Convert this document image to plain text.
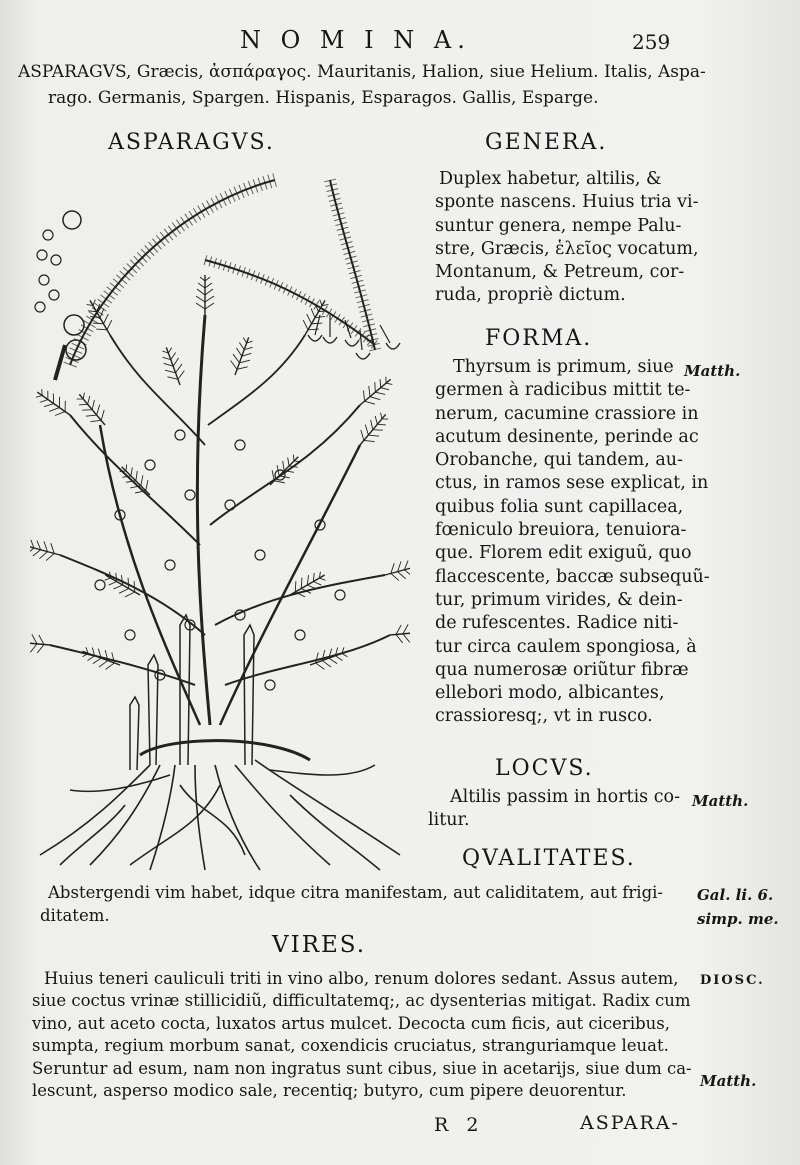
N O M I N A.	259
ASPARAGVS, Græcis, ἀσπάραγος. Mauritanis, Halion, siue Helium. Italis, Aspa-
rago. Germanis, Spargen. Hispanis, Esparagos. Gallis, Esparge.
ASPARAGVS.	GENERA.
Duplex habetur, altilis, &
sponte nascens. Huius tria vi-
suntur genera, nempe Palu-
stre, Græcis, ἑλεῖος vocatum,
Montanum, & Petreum, cor-
ruda, propriè dictum.
FORMA.
Matth.
Thyrsum is primum, siue
germen à radicibus mittit te-
nerum, cacumine crassiore in
acutum desinente, perinde ac
Orobanche, qui tandem, au-
ctus, in ramos sese explicat, in
quibus folia sunt capillacea,
fœniculo breuiora, tenuiora-
que. Florem edit exiguũ, quo
flaccescente, baccæ subsequũ-
tur, primum virides, & dein-
de rufescentes. Radice niti-
tur circa caulem spongiosa, à
qua numerosæ oriũtur fibræ
ellebori modo, albicantes,
crassioresq;, vt in rusco.
LOCVS.
Matth.
Altilis passim in hortis co-
litur.
QVALITATES.
Gal. li. 6.
simp. me.
Abstergendi vim habet, idque citra manifestam, aut caliditatem, aut frigi-
ditatem.
VIRES.
DIOSC.
Matth.
Huius teneri cauliculi triti in vino albo, renum dolores sedant. Assus autem,
siue coctus vrinæ stillicidiũ, difficultatemq;, ac dysenterias mitigat. Radix cum
vino, aut aceto cocta, luxatos artus mulcet. Decocta cum ficis, aut ciceribus,
sumpta, regium morbum sanat, coxendicis cruciatus, stranguriamque leuat.
Seruntur ad esum, nam non ingratus sunt cibus, siue in acetarijs, siue dum ca-
lescunt, asperso modico sale, recentiq; butyro, cum pipere deuorentur.
R 2	ASPARA-
